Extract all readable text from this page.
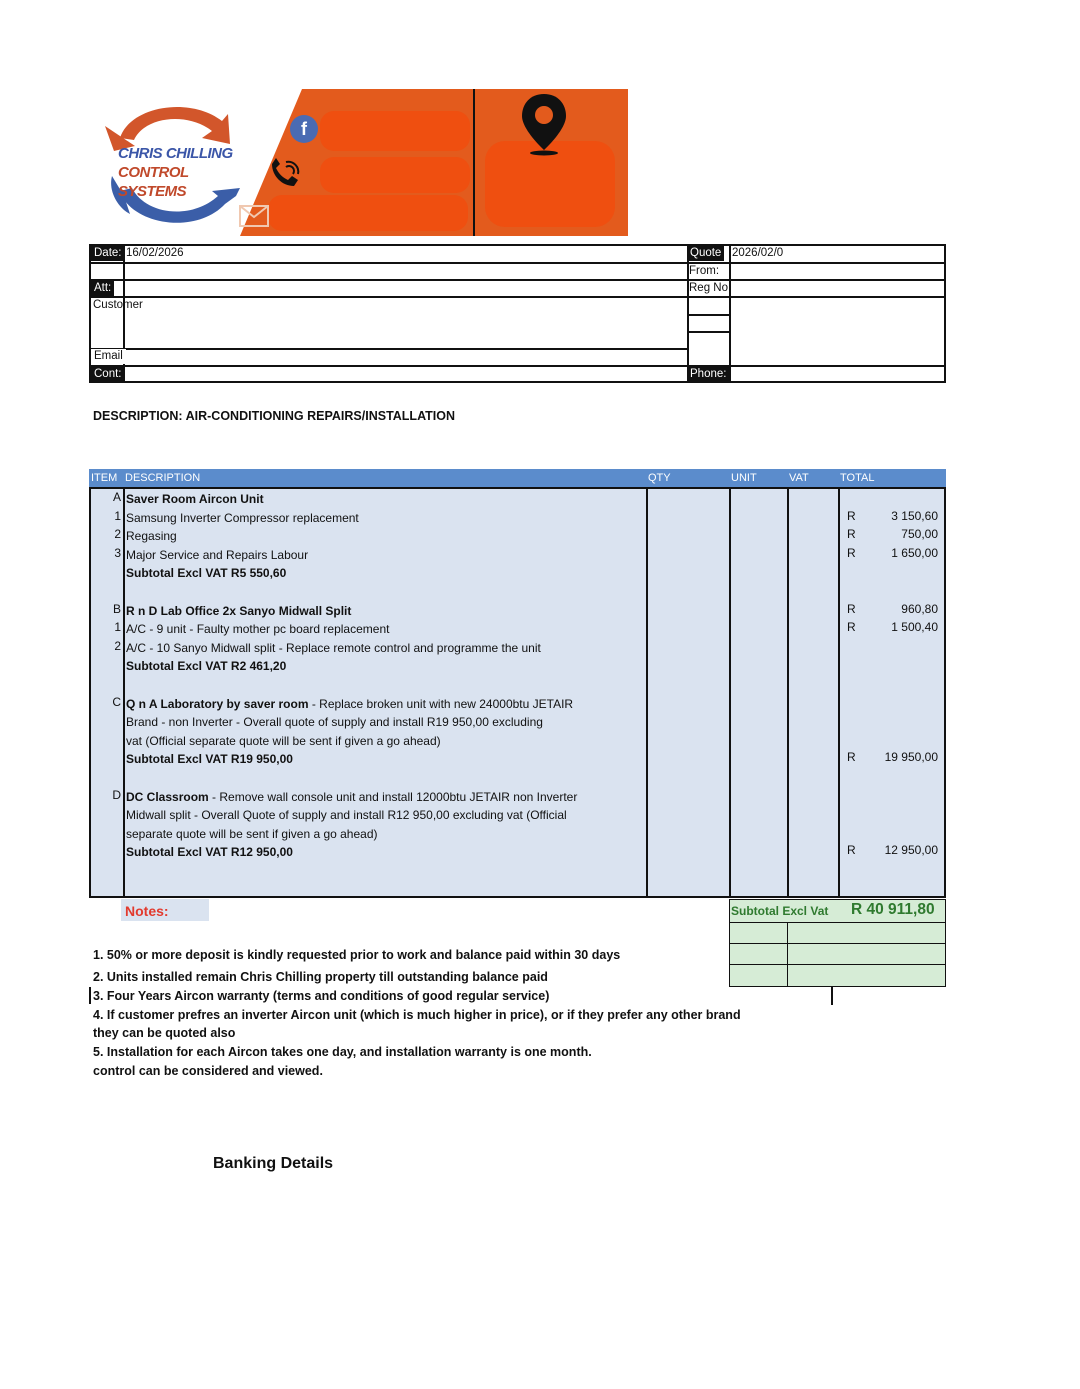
CHRIS CHILLING
CONTROL SYSTEMS
f
Date: 16/02/2026	Quote 2026/02/0
From:
Att:	Reg No:
Customer
Email
Cont:	Phone:
DESCRIPTION: AIR-CONDITIONING REPAIRS/INSTALLATION
ITEM DESCRIPTION	QTY	UNIT	VAT	TOTAL
A Saver Room Aircon Unit
1 Samsung Inverter Compressor replacement	R	3 150,60
2 Regasing	R	750,00
3 Major Service and Repairs Labour	R	1 650,00
Subtotal Excl VAT R5 550,60
B R n D Lab Office 2x Sanyo Midwall Split	R	960,80
1 A/C - 9 unit - Faulty mother pc board replacement	R	1 500,40
2 A/C - 10 Sanyo Midwall split - Replace remote control and programme the unit
Subtotal Excl VAT R2 461,20
C Q n A Laboratory by saver room - Replace broken unit with new 24000btu JETAIR
Brand - non Inverter - Overall quote of supply and install R19 950,00 excluding
vat (Official separate quote will be sent if given a go ahead)
Subtotal Excl VAT R19 950,00	R	19 950,00
D DC Classroom - Remove wall console unit and install 12000btu JETAIR non Inverter
Midwall split - Overall Quote of supply and install R12 950,00 excluding vat (Official
separate quote will be sent if given a go ahead)
Subtotal Excl VAT R12 950,00	R	12 950,00
Notes:	Subtotal Excl Vat R 40 911,80
1. 50% or more deposit is kindly requested prior to work and balance paid within 30 days
2. Units installed remain Chris Chilling property till outstanding balance paid
3. Four Years Aircon warranty (terms and conditions of good regular service)
4. If customer prefres an inverter Aircon unit (which is much higher in price), or if they prefer any other brand
they can be quoted also
5. Installation for each Aircon takes one day, and installation warranty is one month.
control can be considered and viewed.
Banking Details
